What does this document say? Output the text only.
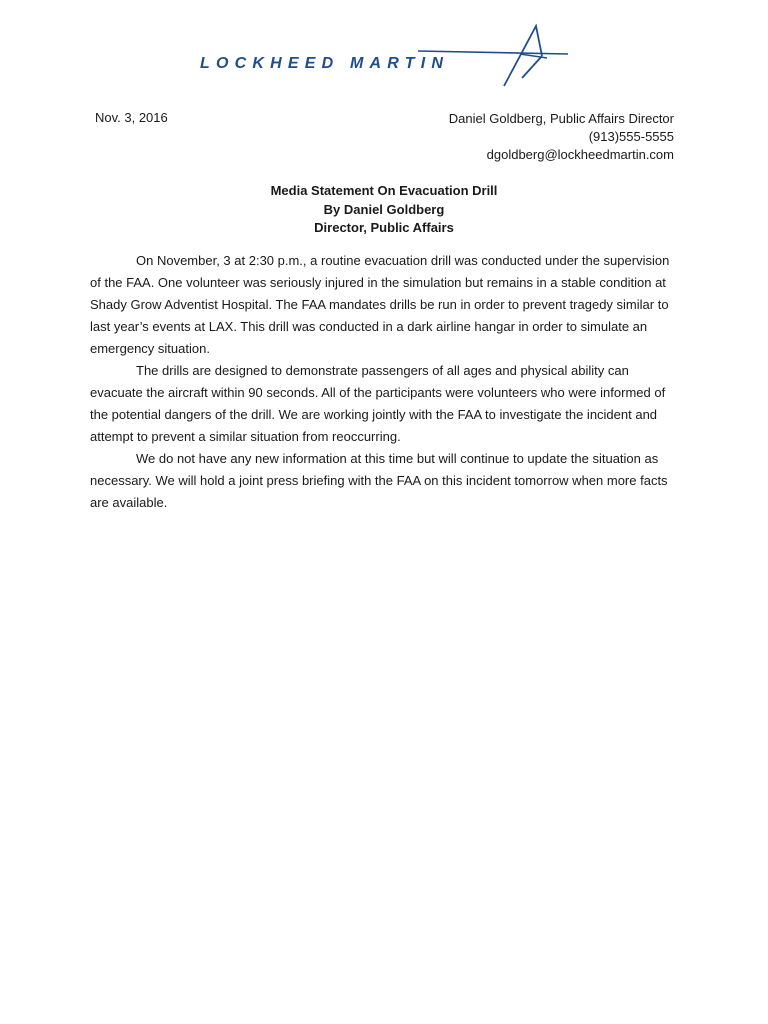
LOCKHEED MARTIN
Nov. 3, 2016	Daniel Goldberg, Public Affairs Director
(913)555-5555
dgoldberg@lockheedmartin.com
Media Statement On Evacuation Drill
By Daniel Goldberg
Director, Public Affairs

On November, 3 at 2:30 p.m., a routine evacuation drill was conducted under the supervision of the FAA. One volunteer was seriously injured in the simulation but remains in a stable condition at Shady Grow Adventist Hospital. The FAA mandates drills be run in order to prevent tragedy similar to last year’s events at LAX. This drill was conducted in a dark airline hangar in order to simulate an emergency situation.

The drills are designed to demonstrate passengers of all ages and physical ability can evacuate the aircraft within 90 seconds. All of the participants were volunteers who were informed of the potential dangers of the drill. We are working jointly with the FAA to investigate the incident and attempt to prevent a similar situation from reoccurring.

We do not have any new information at this time but will continue to update the situation as necessary. We will hold a joint press briefing with the FAA on this incident tomorrow when more facts are available.
